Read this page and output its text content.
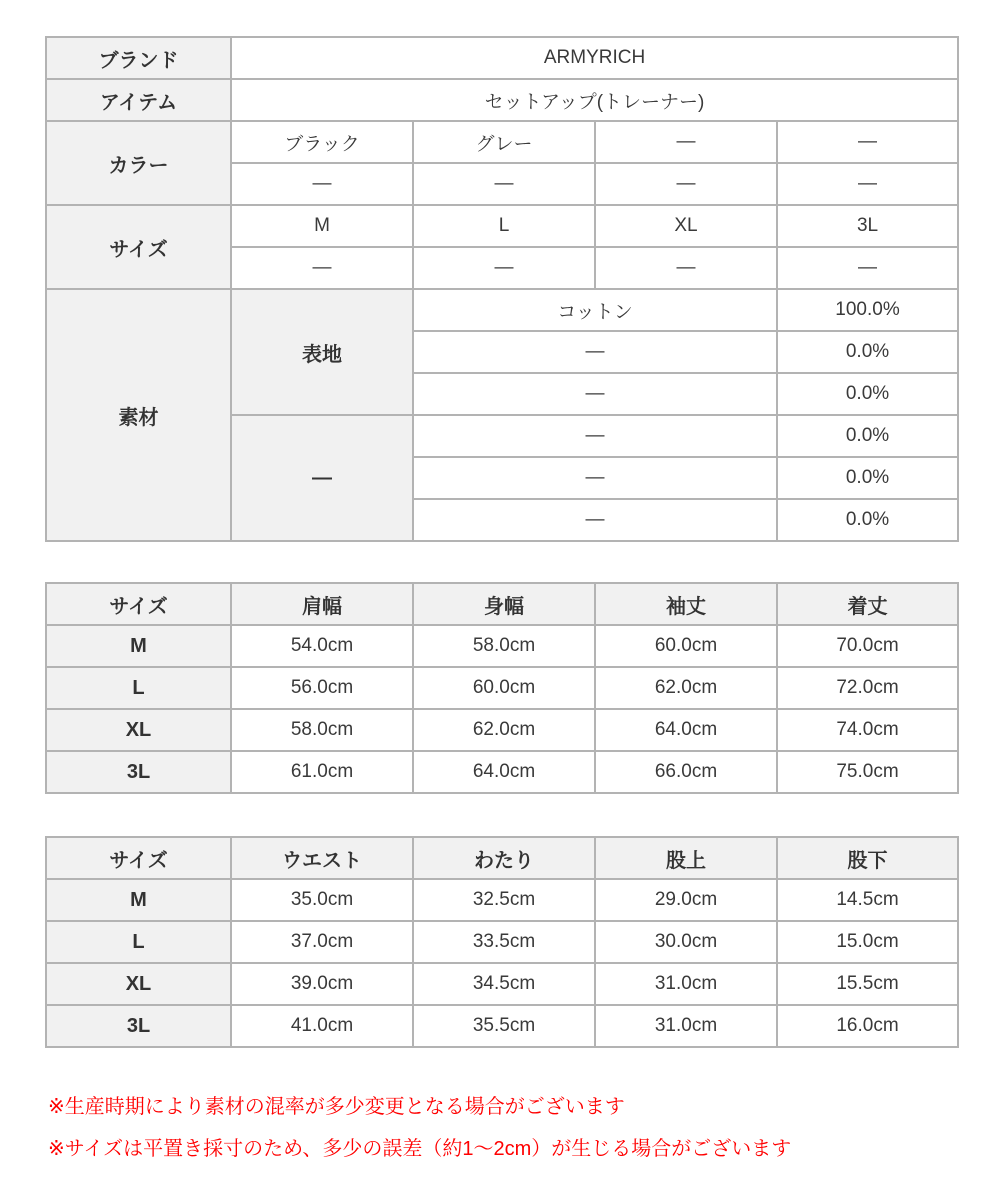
ブランド	ARMYRICH			
アイテム	セットアップ(トレーナー)			
カラー	ブラック	グレー	—	—
	—	—	—	—
サイズ	M	L	XL	3L
	—	—	—	—
素材	表地	コットン		100.0%
		—		0.0%
		—		0.0%
	—	—		0.0%
		—		0.0%
		—		0.0%
サイズ	肩幅	身幅	袖丈	着丈
M	54.0cm	58.0cm	60.0cm	70.0cm
L	56.0cm	60.0cm	62.0cm	72.0cm
XL	58.0cm	62.0cm	64.0cm	74.0cm
3L	61.0cm	64.0cm	66.0cm	75.0cm
サイズ	ウエスト	わたり	股上	股下
M	35.0cm	32.5cm	29.0cm	14.5cm
L	37.0cm	33.5cm	30.0cm	15.0cm
XL	39.0cm	34.5cm	31.0cm	15.5cm
3L	41.0cm	35.5cm	31.0cm	16.0cm

※生産時期により素材の混率が多少変更となる場合がございます

※サイズは平置き採寸のため、多少の誤差（約1〜2cm）が生じる場合がございます
